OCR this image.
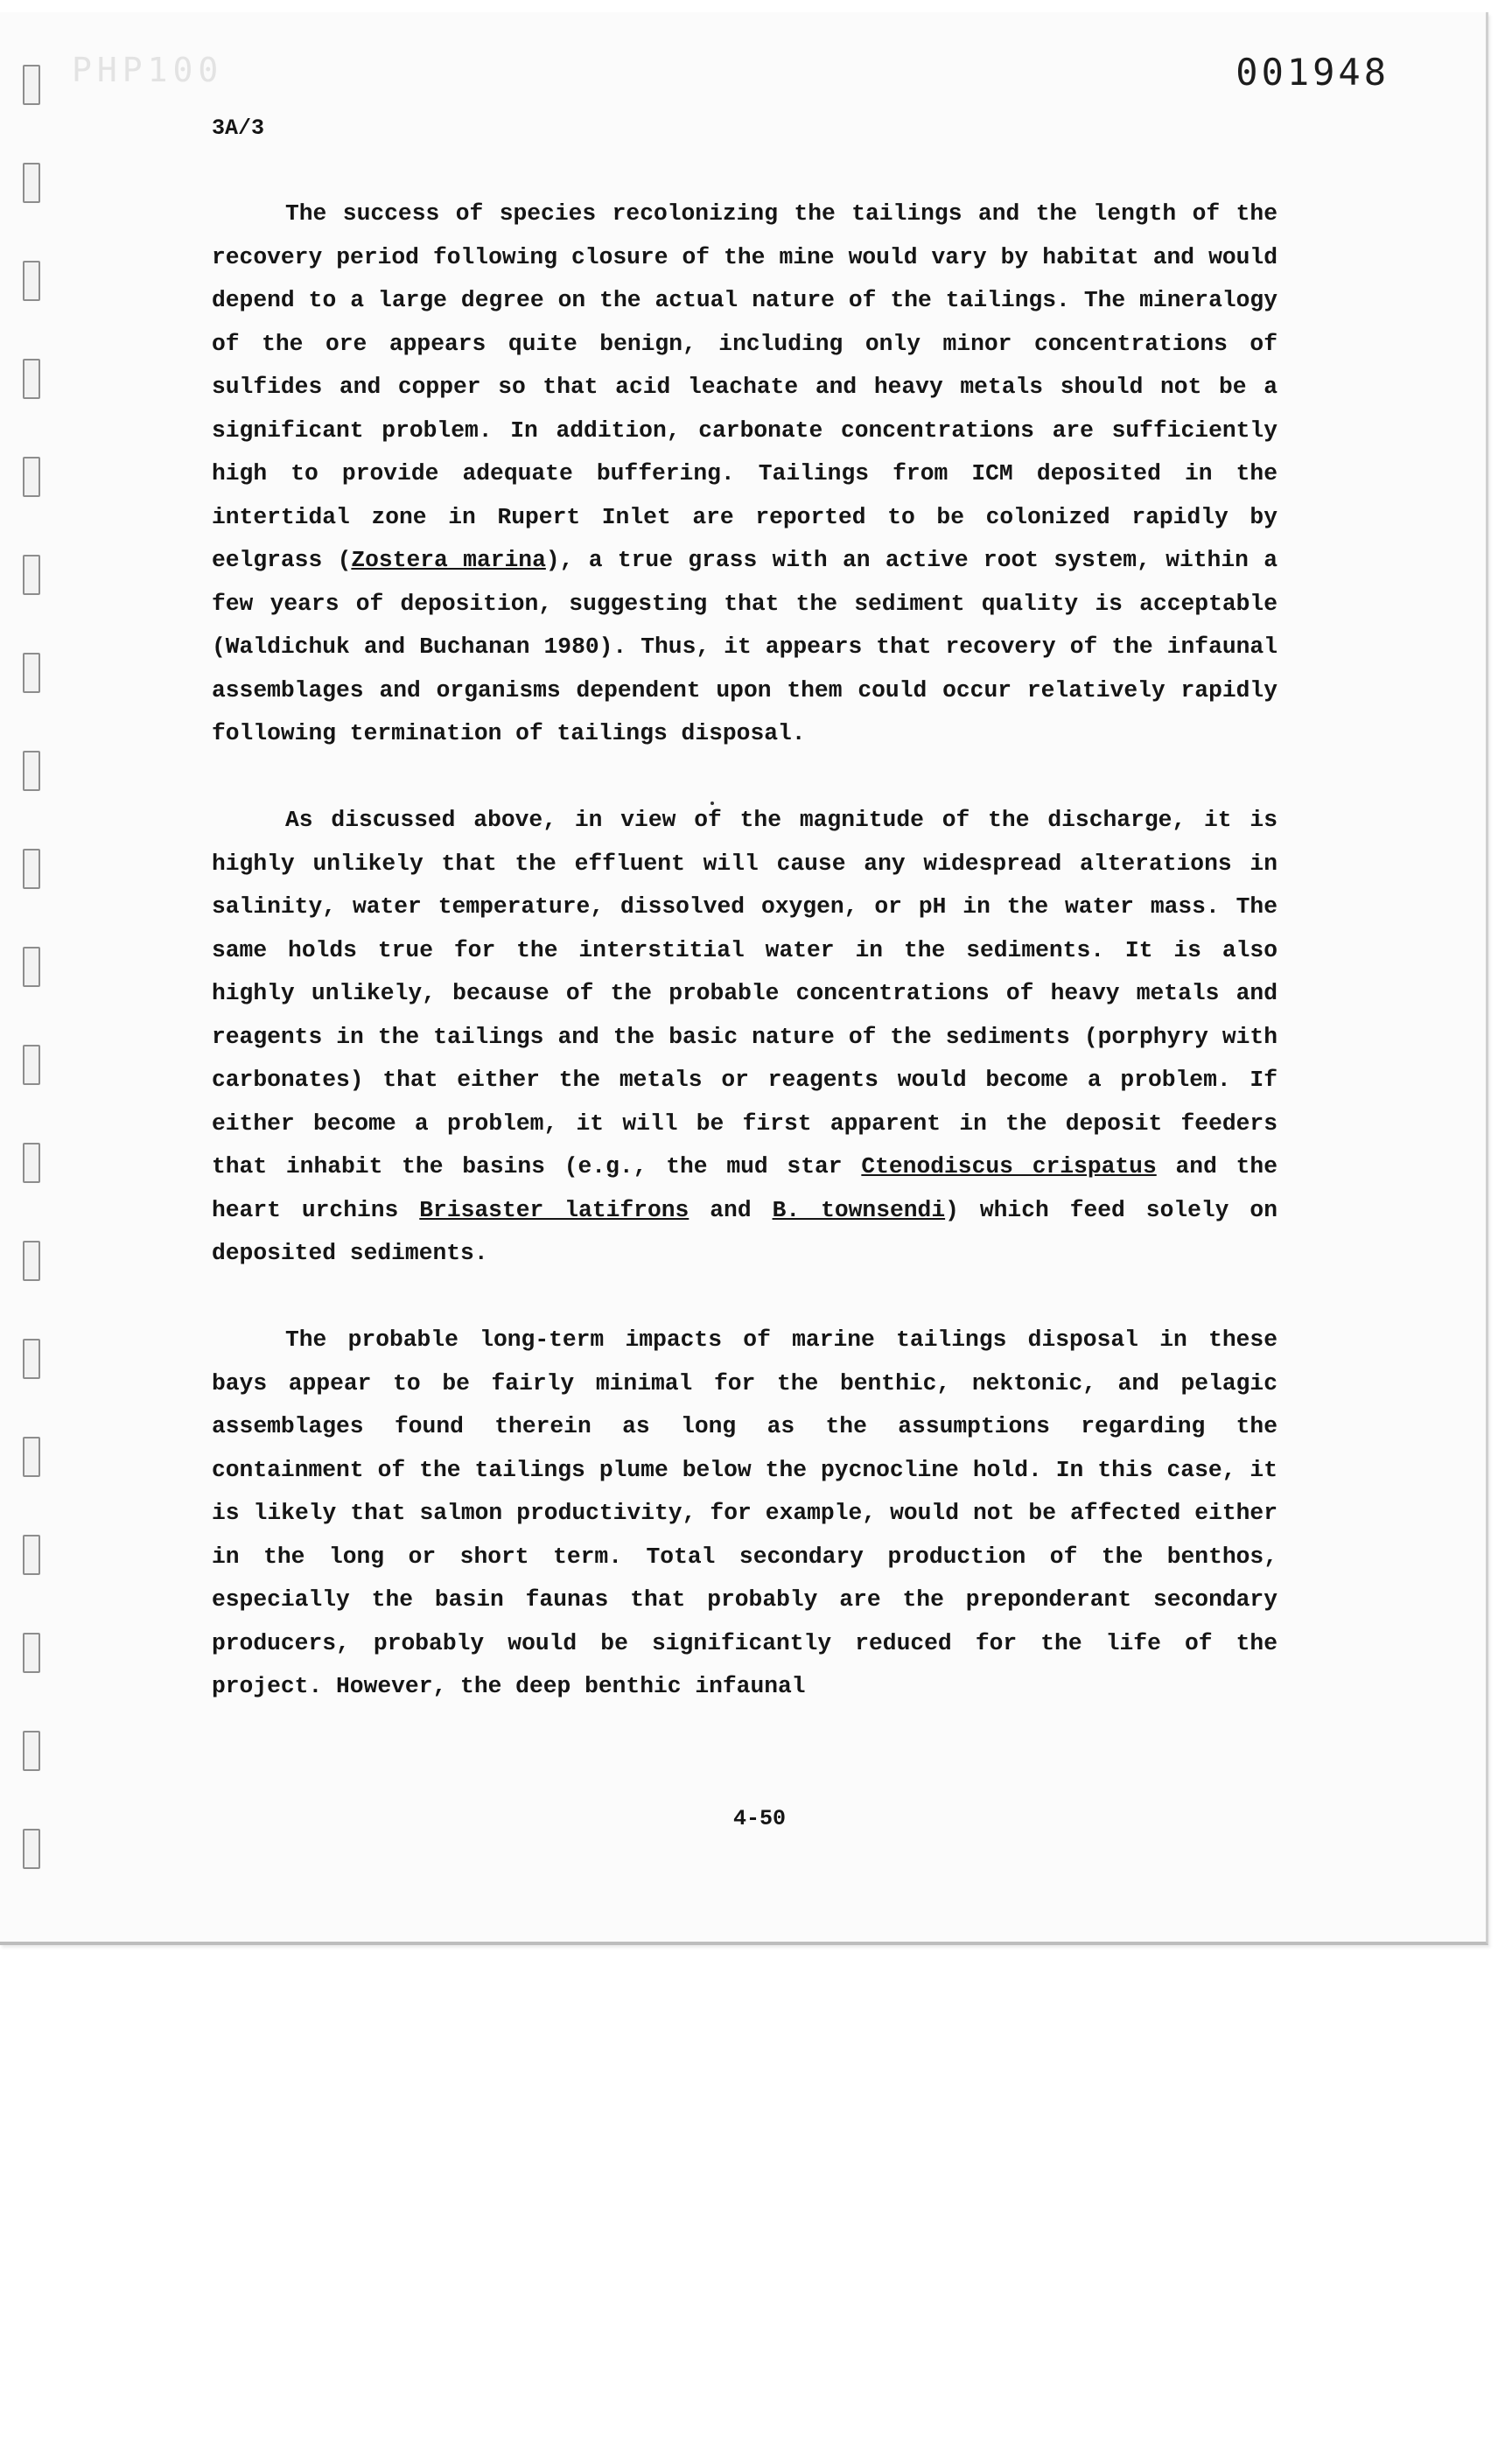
PHP100	001948
3A/3

The success of species recolonizing the tailings and the length of the recovery period following closure of the mine would vary by habitat and would depend to a large degree on the actual nature of the tailings. The mineralogy of the ore appears quite benign, including only minor concentrations of sulfides and copper so that acid leachate and heavy metals should not be a significant problem. In addition, carbonate concentrations are sufficiently high to provide adequate buffering. Tailings from ICM deposited in the intertidal zone in Rupert Inlet are reported to be colonized rapidly by eelgrass (Zostera marina), a true grass with an active root system, within a few years of deposition, suggesting that the sediment quality is acceptable (Waldichuk and Buchanan 1980). Thus, it appears that recovery of the infaunal assemblages and organisms dependent upon them could occur relatively rapidly following termination of tailings disposal.

As discussed above, in view of the magnitude of the discharge, it is highly unlikely that the effluent will cause any widespread alterations in salinity, water temperature, dissolved oxygen, or pH in the water mass. The same holds true for the interstitial water in the sediments. It is also highly unlikely, because of the probable concentrations of heavy metals and reagents in the tailings and the basic nature of the sediments (porphyry with carbonates) that either the metals or reagents would become a problem. If either become a problem, it will be first apparent in the deposit feeders that inhabit the basins (e.g., the mud star Ctenodiscus crispatus and the heart urchins Brisaster latifrons and B. townsendi) which feed solely on deposited sediments.

The probable long-term impacts of marine tailings disposal in these bays appear to be fairly minimal for the benthic, nektonic, and pelagic assemblages found therein as long as the assumptions regarding the containment of the tailings plume below the pycnocline hold. In this case, it is likely that salmon productivity, for example, would not be affected either in the long or short term. Total secondary production of the benthos, especially the basin faunas that probably are the preponderant secondary producers, probably would be significantly reduced for the life of the project. However, the deep benthic infaunal

4-50
